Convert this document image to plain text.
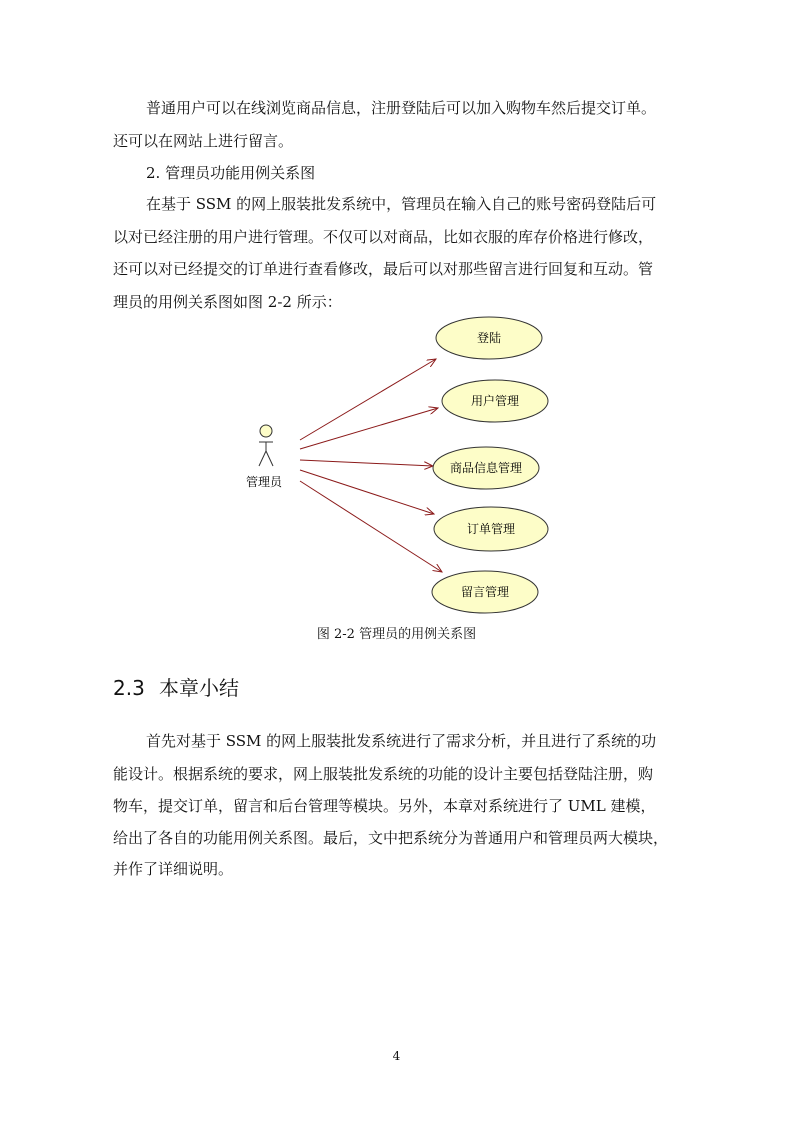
普通用户可以在线浏览商品信息，注册登陆后可以加入购物车然后提交订单。
还可以在网站上进行留言。
2. 管理员功能用例关系图
在基于 SSM 的网上服装批发系统中，管理员在输入自己的账号密码登陆后可
以对已经注册的用户进行管理。不仅可以对商品，比如衣服的库存价格进行修改，
还可以对已经提交的订单进行查看修改，最后可以对那些留言进行回复和互动。管
理员的用例关系图如图 2-2 所示：
管理员
登陆
用户管理
商品信息管理
订单管理
留言管理
图 2-2 管理员的用例关系图
2.3 本章小结
首先对基于 SSM 的网上服装批发系统进行了需求分析，并且进行了系统的功
能设计。根据系统的要求，网上服装批发系统的功能的设计主要包括登陆注册，购
物车，提交订单，留言和后台管理等模块。另外，本章对系统进行了 UML 建模，
给出了各自的功能用例关系图。最后，文中把系统分为普通用户和管理员两大模块，
并作了详细说明。
4
